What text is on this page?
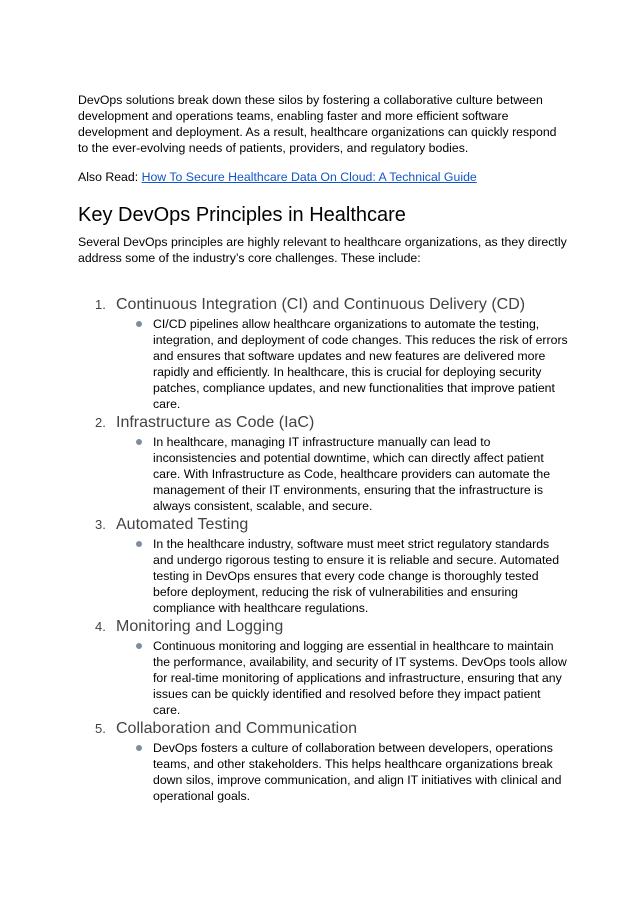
DevOps solutions break down these silos by fostering a collaborative culture between development and operations teams, enabling faster and more efficient software development and deployment. As a result, healthcare organizations can quickly respond to the ever-evolving needs of patients, providers, and regulatory bodies.

Also Read: How To Secure Healthcare Data On Cloud: A Technical Guide

Key DevOps Principles in Healthcare

Several DevOps principles are highly relevant to healthcare organizations, as they directly address some of the industry’s core challenges. These include:

1. Continuous Integration (CI) and Continuous Delivery (CD)
CI/CD pipelines allow healthcare organizations to automate the testing, integration, and deployment of code changes. This reduces the risk of errors and ensures that software updates and new features are delivered more rapidly and efficiently. In healthcare, this is crucial for deploying security patches, compliance updates, and new functionalities that improve patient care.
2. Infrastructure as Code (IaC)
In healthcare, managing IT infrastructure manually can lead to inconsistencies and potential downtime, which can directly affect patient care. With Infrastructure as Code, healthcare providers can automate the management of their IT environments, ensuring that the infrastructure is always consistent, scalable, and secure.
3. Automated Testing
In the healthcare industry, software must meet strict regulatory standards and undergo rigorous testing to ensure it is reliable and secure. Automated testing in DevOps ensures that every code change is thoroughly tested before deployment, reducing the risk of vulnerabilities and ensuring compliance with healthcare regulations.
4. Monitoring and Logging
Continuous monitoring and logging are essential in healthcare to maintain the performance, availability, and security of IT systems. DevOps tools allow for real-time monitoring of applications and infrastructure, ensuring that any issues can be quickly identified and resolved before they impact patient care.
5. Collaboration and Communication
DevOps fosters a culture of collaboration between developers, operations teams, and other stakeholders. This helps healthcare organizations break down silos, improve communication, and align IT initiatives with clinical and operational goals.
